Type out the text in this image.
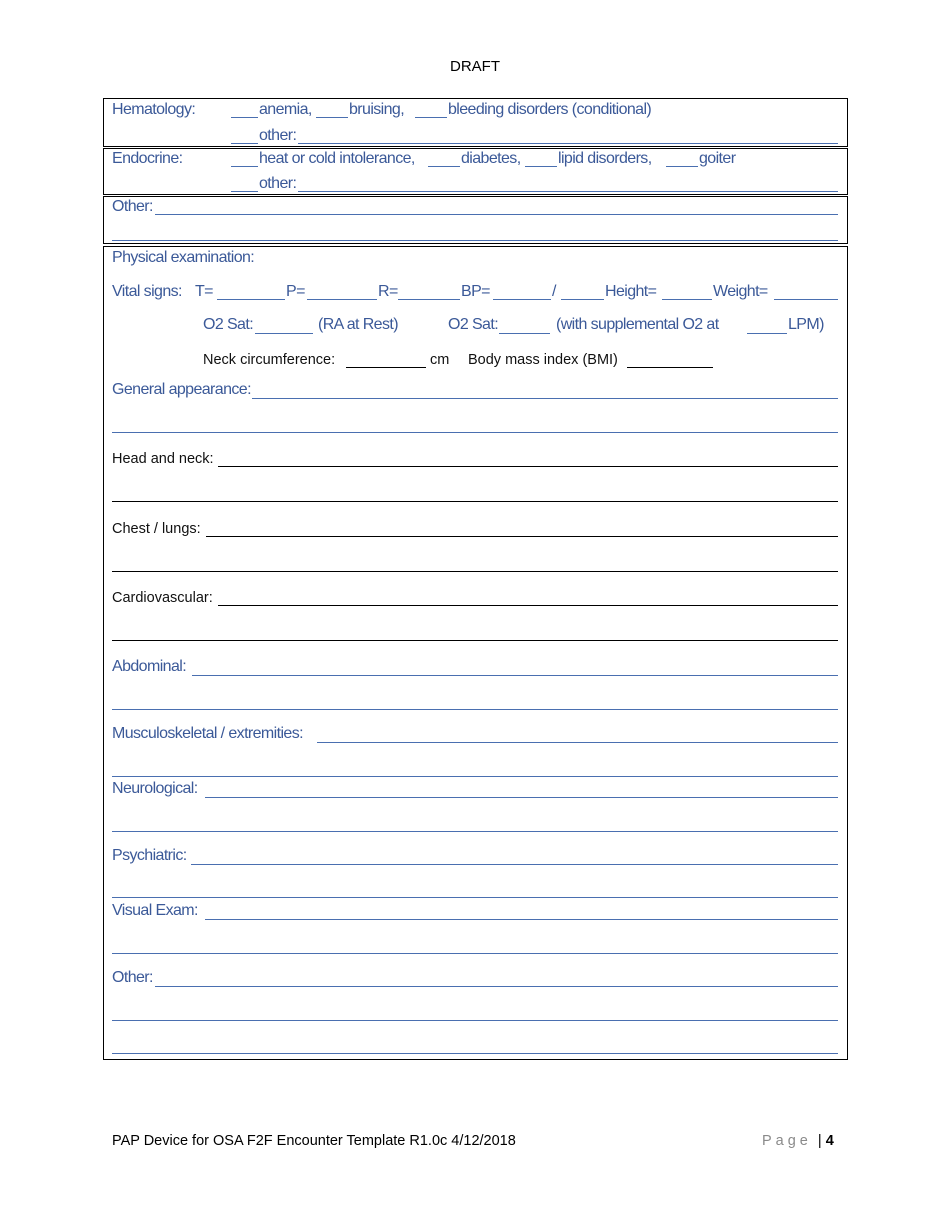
DRAFT
Hematology:	anemia, bruising,	bleeding disorders (conditional)
other:
Endocrine:	heat or cold intolerance,	diabetes, lipid disorders,	goiter
other:
Other:
Physical examination:
Vital signs: T=	P=	R=	BP=	/	Height=	Weight=
O2 Sat:	(RA at Rest)	O2 Sat:	(with supplemental O2 at	LPM)
Neck circumference:	cm Body mass index (BMI)
General appearance:
Head and neck:
Chest / lungs:
Cardiovascular:
Abdominal:
Musculoskeletal / extremities:
Neurological:
Psychiatric:
Visual Exam:
Other:
PAP Device for OSA F2F Encounter Template R1.0c 4/12/2018	Page | 4
